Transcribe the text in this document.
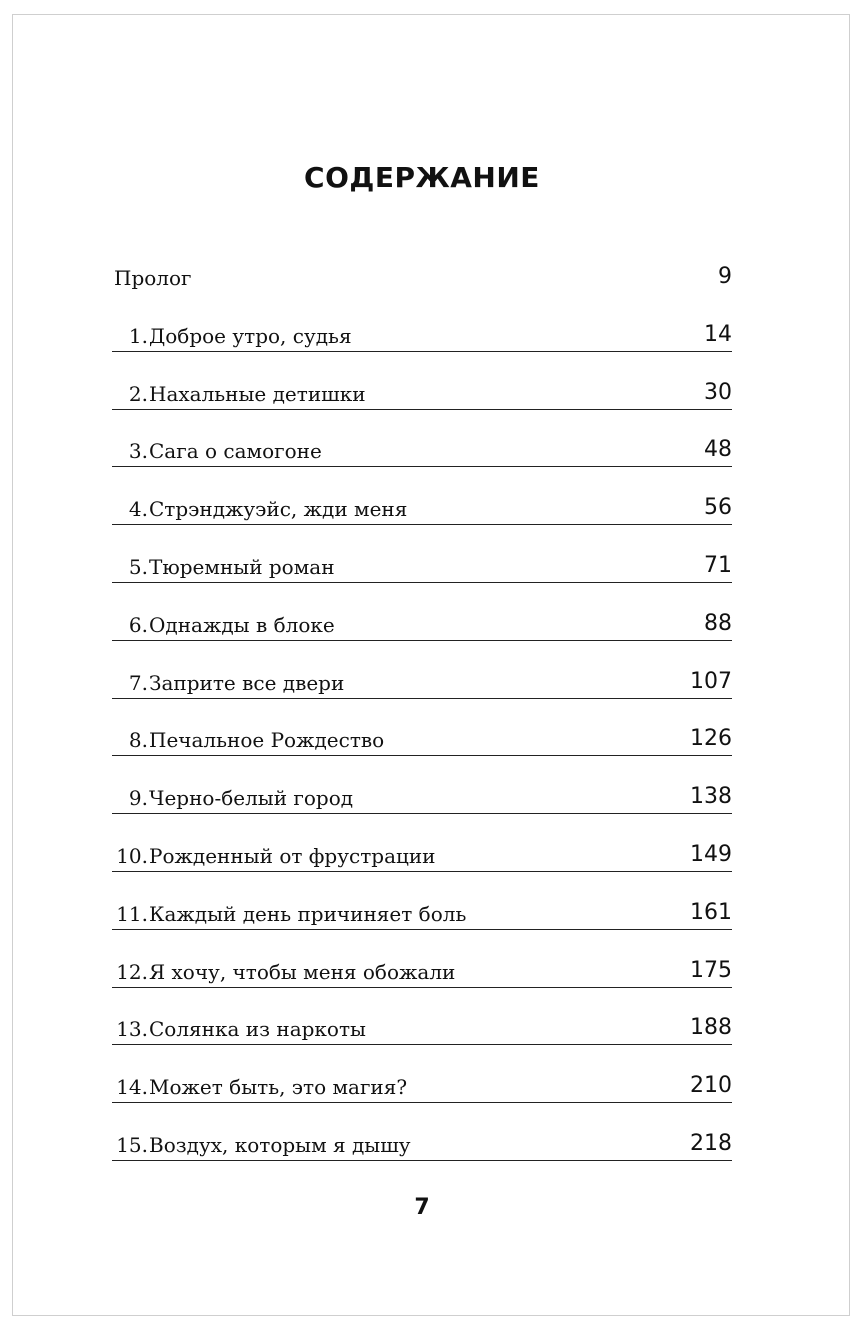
СОДЕРЖАНИЕ
Пролог	9
1. Доброе утро, судья	14
2. Нахальные детишки	30
3. Сага о самогоне	48
4. Стрэнджуэйс, жди меня	56
5. Тюремный роман	71
6. Однажды в блоке	88
7. Заприте все двери	107
8. Печальное Рождество	126
9. Черно-белый город	138
10. Рожденный от фрустрации	149
11. Каждый день причиняет боль	161
12. Я хочу, чтобы меня обожали	175
13. Солянка из наркоты	188
14. Может быть, это магия?	210
15. Воздух, которым я дышу	218
7
